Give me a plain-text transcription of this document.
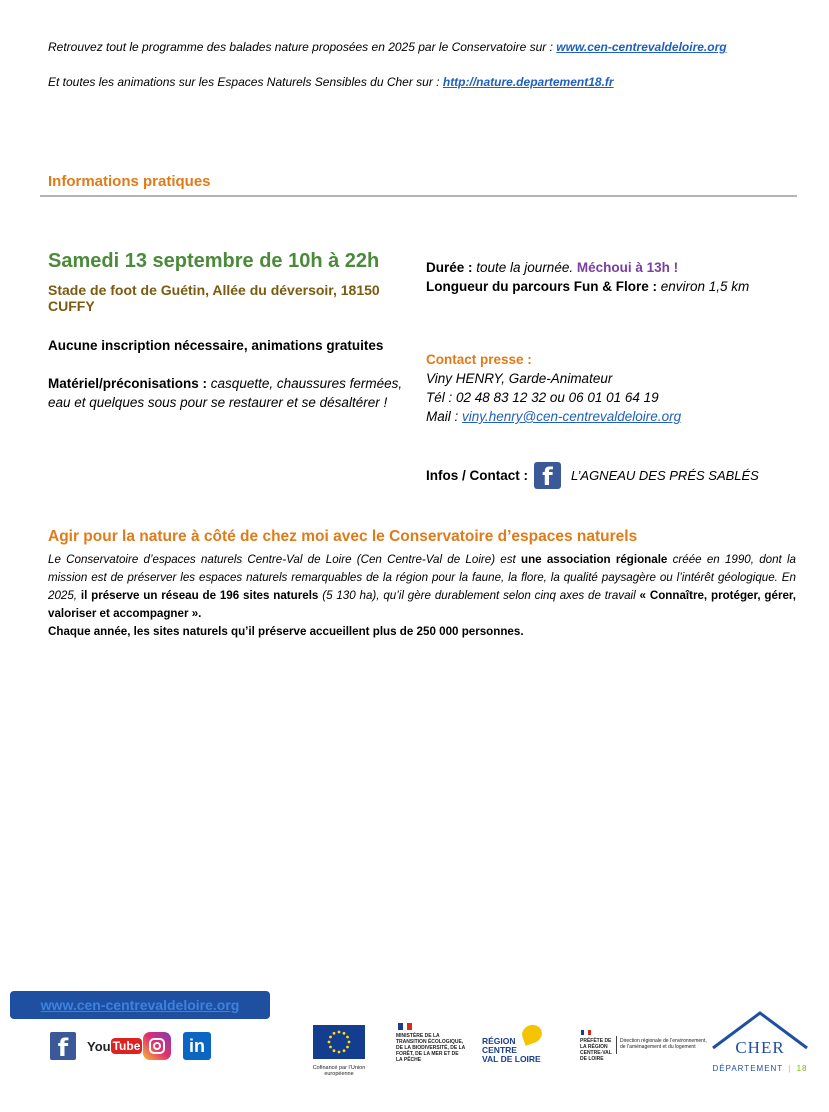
Retrouvez tout le programme des balades nature proposées en 2025 par le Conservatoire sur : www.cen-centrevaldeloire.org
Et toutes les animations sur les Espaces Naturels Sensibles du Cher sur : http://nature.departement18.fr
Informations pratiques
Samedi 13 septembre de 10h à 22h
Stade de foot de Guétin, Allée du déversoir, 18150 CUFFY
Aucune inscription nécessaire, animations gratuites
Matériel/préconisations : casquette, chaussures fermées, eau et quelques sous pour se restaurer et se désaltérer !
Durée : toute la journée. Méchoui à 13h !
Longueur du parcours Fun & Flore : environ 1,5 km
Contact presse :
Viny HENRY, Garde-Animateur
Tél : 02 48 83 12 32 ou 06 01 01 64 19
Mail : viny.henry@cen-centrevaldeloire.org
Infos / Contact : f	L’AGNEAU DES PRÉS SABLÉS
Agir pour la nature à côté de chez moi avec le Conservatoire d’espaces naturels

Le Conservatoire d’espaces naturels Centre-Val de Loire (Cen Centre-Val de Loire) est une association régionale créée en 1990, dont la mission est de préserver les espaces naturels remarquables de la région pour la faune, la flore, la qualité paysagère ou l’intérêt géologique. En 2025, il préserve un réseau de 196 sites naturels (5 130 ha), qu’il gère durablement selon cinq axes de travail « Connaître, protéger, gérer, valoriser et accompagner ».

Chaque année, les sites naturels qu’il préserve accueillent plus de 250 000 personnes.

www.cen-centrevaldeloire.org
f	You Tube	in
Cofinancé par l’Union européenne
MINISTÈRE DE LA TRANSITION ÉCOLOGIQUE, DE LA BIODIVERSITÉ, DE LA FORÊT, DE LA MER ET DE LA PÊCHE
RÉGION
CENTRE
VAL DE LOIRE
PRÉFÈTE DE LA RÉGION CENTRE-VAL DE LOIRE
Direction régionale de l’environnement, de l’aménagement et du logement	CHER
DÉPARTEMENT | 18
